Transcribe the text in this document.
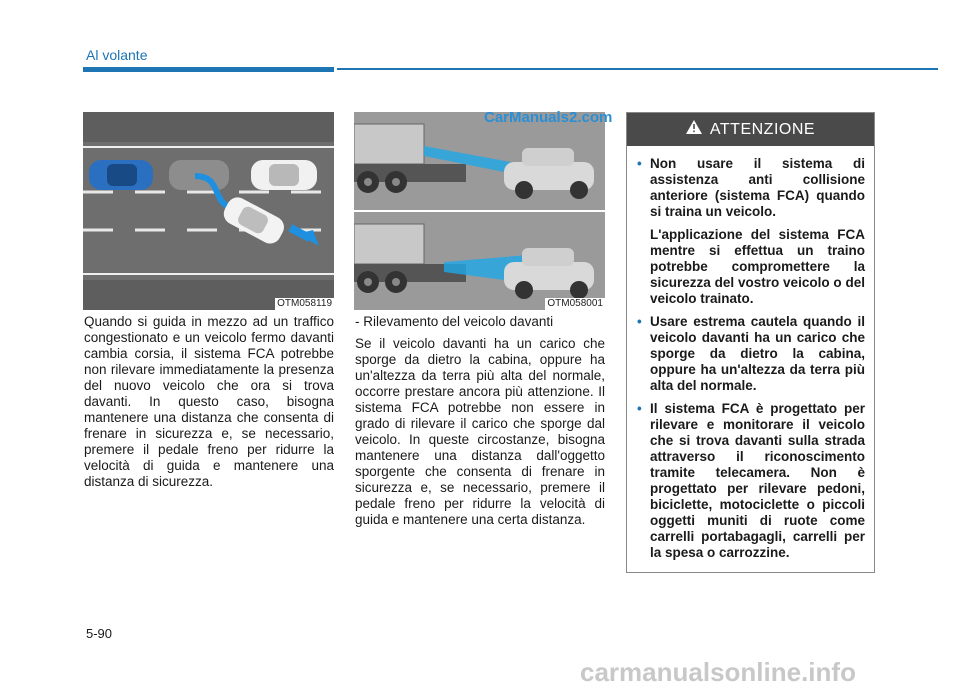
Al volante
OTM058119	OTM058001
CarManuals2.com

Quando si guida in mezzo ad un traffico congestionato e un veicolo fermo davanti cambia corsia, il sistema FCA potrebbe non rilevare immediatamente la presenza del nuovo veicolo che ora si trova davanti. In questo caso, bisogna mantenere una distanza che consenta di frenare in sicurezza e, se necessario, premere il pedale freno per ridurre la velocità di guida e mantenere una distanza di sicurezza.

- Rilevamento del veicolo davanti

Se il veicolo davanti ha un carico che sporge da dietro la cabina, oppure ha un'altezza da terra più alta del normale, occorre prestare ancora più attenzione. Il sistema FCA potrebbe non essere in grado di rilevare il carico che sporge dal veicolo. In queste circostanze, bisogna mantenere una distanza dall'oggetto sporgente che consenta di frenare in sicurezza e, se necessario, premere il pedale freno per ridurre la velocità di guida e mantenere una certa distanza.

ATTENZIONE
• Non usare il sistema di assistenza anti collisione anteriore (sistema FCA) quando si traina un veicolo.

L'applicazione del sistema FCA mentre si effettua un traino potrebbe compromettere la sicurezza del vostro veicolo o del veicolo trainato.

• Usare estrema cautela quando il veicolo davanti ha un carico che sporge da dietro la cabina, oppure ha un'altezza da terra più alta del normale.

• Il sistema FCA è progettato per rilevare e monitorare il veicolo che si trova davanti sulla strada attraverso il riconoscimento tramite telecamera. Non è progettato per rilevare pedoni, biciclette, motociclette o piccoli oggetti muniti di ruote come carrelli portabagagli, carrelli per la spesa o carrozzine.

5-90
carmanualsonline.info
